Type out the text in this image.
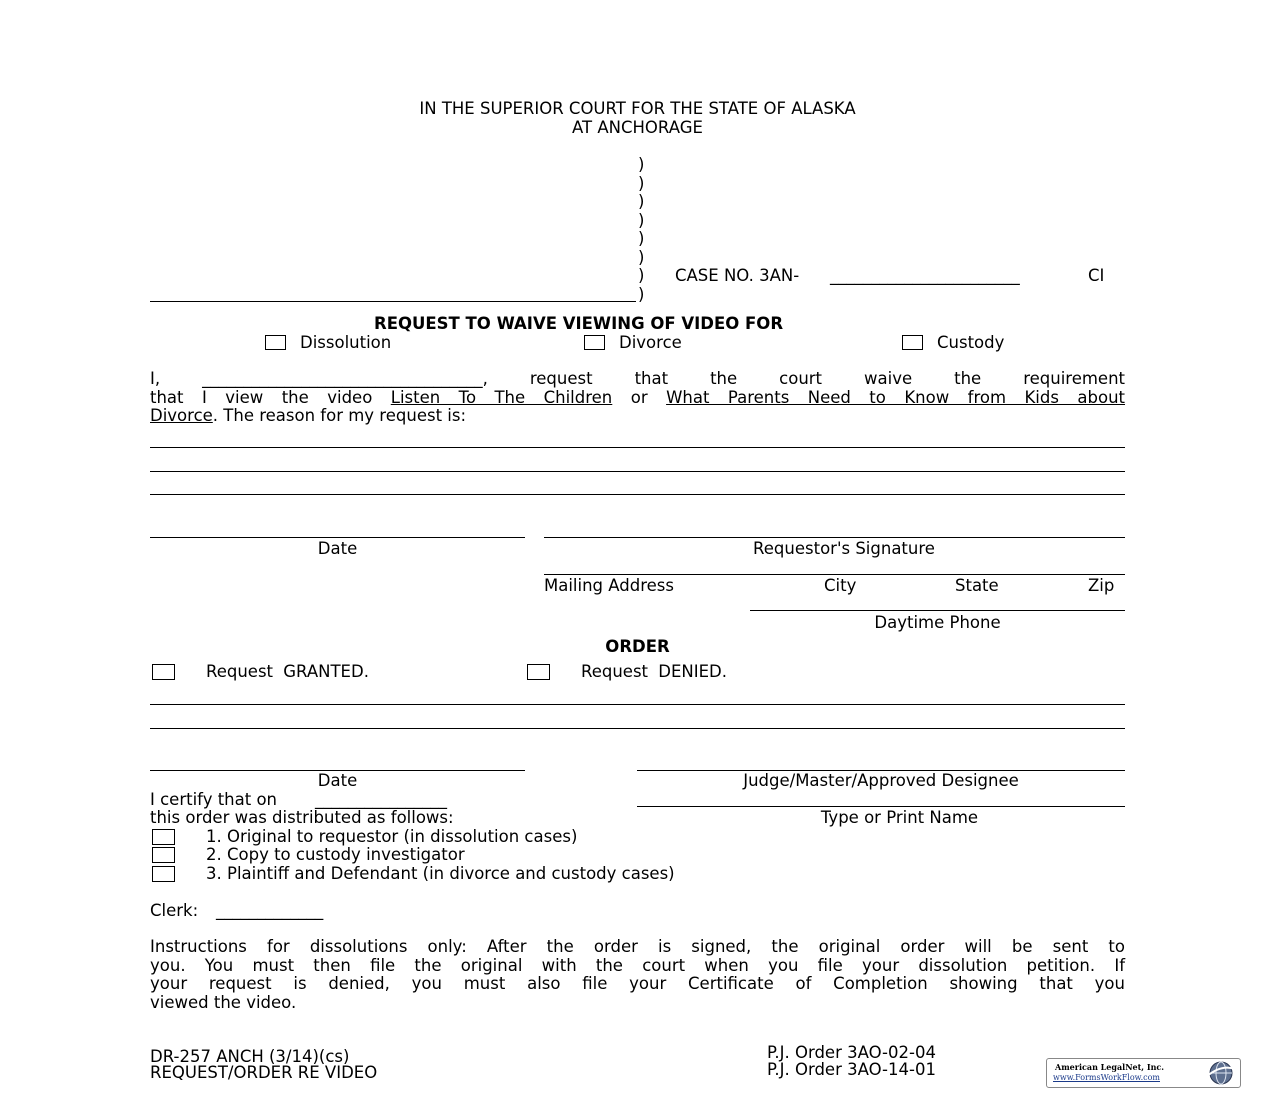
IN THE SUPERIOR COURT FOR THE STATE OF ALASKA
AT ANCHORAGE
)
)
)
)
)
)
)
)
CASE NO. 3AN- _______________________	CI
REQUEST TO WAIVE VIEWING OF VIDEO FOR
Dissolution	Divorce	Custody
I,	__________________________________, request that the court waive the requirement
that I view the video Listen To The Children or What Parents Need to Know from Kids about
Divorce. The reason for my request is:
Date	Requestor's Signature
Mailing Address	City	State	Zip
Daytime Phone
ORDER
Request GRANTED.	Request DENIED.
Date	Judge/Master/Approved Designee
Type or Print Name
I certify that on ________________
this order was distributed as follows:
1. Original to requestor (in dissolution cases)
2. Copy to custody investigator
3. Plaintiff and Defendant (in divorce and custody cases)
Clerk: _____________
Instructions for dissolutions only: After the order is signed, the original order will be sent to
you. You must then file the original with the court when you file your dissolution petition. If
your request is denied, you must also file your Certificate of Completion showing that you
viewed the video.
DR-257 ANCH (3/14)(cs)
REQUEST/ORDER RE VIDEO
P.J. Order 3AO-02-04
P.J. Order 3AO-14-01	American LegalNet, Inc.
www.FormsWorkFlow.com
